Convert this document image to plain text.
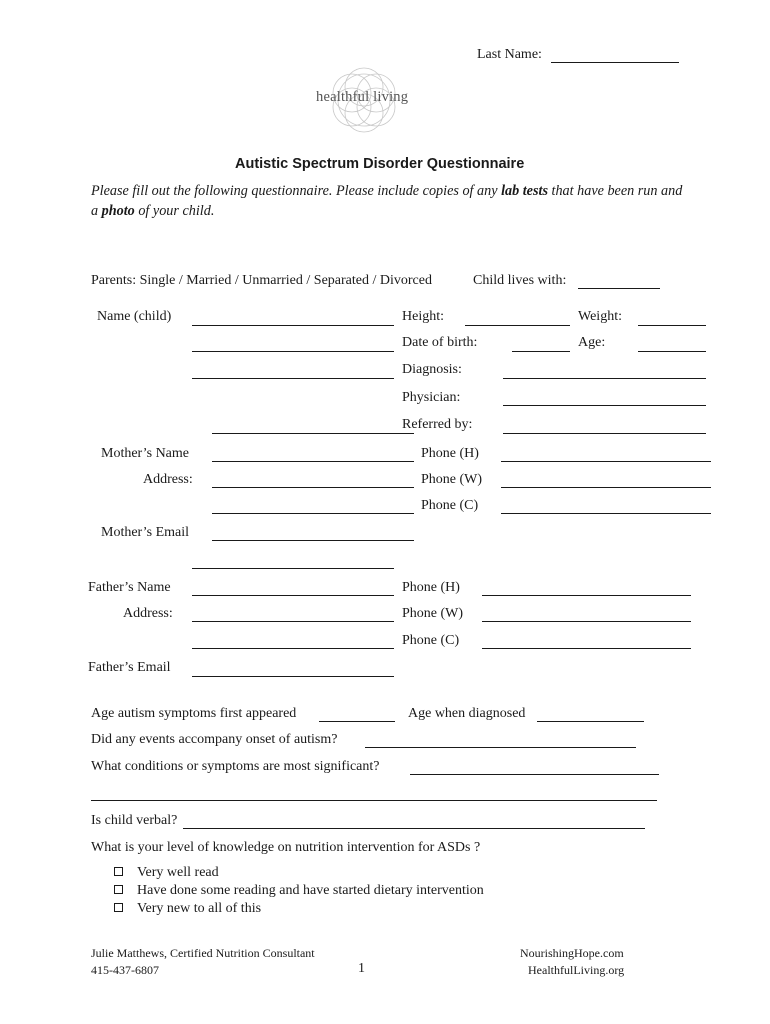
Last Name:
healthful living
Autistic Spectrum Disorder Questionnaire
Please fill out the following questionnaire. Please include copies of any lab tests that have been run and a photo of your child.
Parents: Single / Married / Unmarried / Separated / Divorced	Child lives with:
Name (child)	Height:	Weight:
Date of birth:	Age:
Diagnosis:
Physician:
Referred by:
Mother’s Name	Phone (H)
Address:	Phone (W)
Phone (C)
Mother’s Email
Father’s Name	Phone (H)
Address:	Phone (W)
Phone (C)
Father’s Email
Age autism symptoms first appeared	Age when diagnosed
Did any events accompany onset of autism?
What conditions or symptoms are most significant?
Is child verbal?
What is your level of knowledge on nutrition intervention for ASDs ?
Very well read
Have done some reading and have started dietary intervention
Very new to all of this
Julie Matthews, Certified Nutrition Consultant
415-437-6807	1
NourishingHope.com
HealthfulLiving.org
